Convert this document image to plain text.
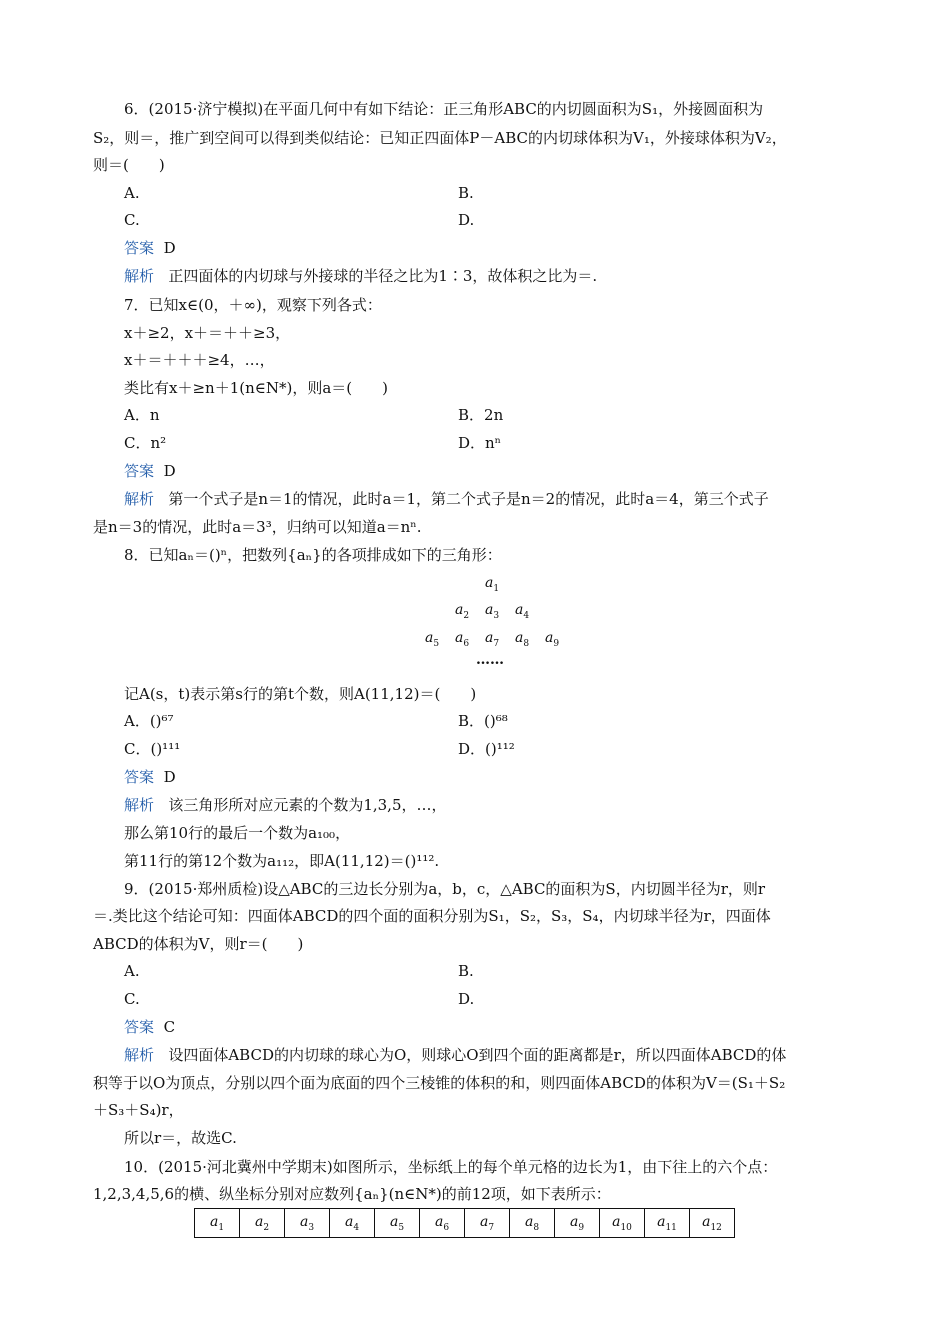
6．(2015·济宁模拟)在平面几何中有如下结论：正三角形ABC的内切圆面积为S₁，外接圆面积为
S₂，则＝，推广到空间可以得到类似结论：已知正四面体P－ABC的内切球体积为V₁，外接球体积为V₂，
则＝(　　)
A.	B.
C.	D.
答案 D
解析 正四面体的内切球与外接球的半径之比为1∶3，故体积之比为＝.
7．已知x∈(0，＋∞)，观察下列各式：
x＋≥2，x＋＝＋＋≥3，
x＋＝＋＋＋≥4，…，
类比有x＋≥n＋1(n∈N*)，则a＝(　　)
A．n	B．2n
C．n²	D．nⁿ
答案 D
解析 第一个式子是n＝1的情况，此时a＝1，第二个式子是n＝2的情况，此时a＝4，第三个式子
是n＝3的情况，此时a＝3³，归纳可以知道a＝nⁿ.
8．已知aₙ＝()ⁿ，把数列{aₙ}的各项排成如下的三角形：
$a_1$
$a_2$ $a_3$ $a_4$
$a_5$ $a_6$ $a_7$ $a_8$ $a_9$
……
记A(s，t)表示第s行的第t个数，则A(11,12)＝(　　)
A．()⁶⁷	B．()⁶⁸
C．()¹¹¹	D．()¹¹²
答案 D
解析 该三角形所对应元素的个数为1,3,5，…，
那么第10行的最后一个数为a₁₀₀，
第11行的第12个数为a₁₁₂，即A(11,12)＝()¹¹².
9．(2015·郑州质检)设△ABC的三边长分别为a，b，c，△ABC的面积为S，内切圆半径为r，则r
＝.类比这个结论可知：四面体ABCD的四个面的面积分别为S₁，S₂，S₃，S₄，内切球半径为r，四面体
ABCD的体积为V，则r＝(　　)
A.	B.
C.	D.
答案 C
解析 设四面体ABCD的内切球的球心为O，则球心O到四个面的距离都是r，所以四面体ABCD的体
积等于以O为顶点，分别以四个面为底面的四个三棱锥的体积的和，则四面体ABCD的体积为V＝(S₁＋S₂
＋S₃＋S₄)r，
所以r＝，故选C.
10．(2015·河北冀州中学期末)如图所示，坐标纸上的每个单元格的边长为1，由下往上的六个点：
1,2,3,4,5,6的横、纵坐标分别对应数列{aₙ}(n∈N*)的前12项，如下表所示：
$a_1$	$a_2$	$a_3$	$a_4$	$a_5$	$a_6$	$a_7$	$a_8$	$a_9$	$a_{10}$	$a_{11}$	$a_{12}$
